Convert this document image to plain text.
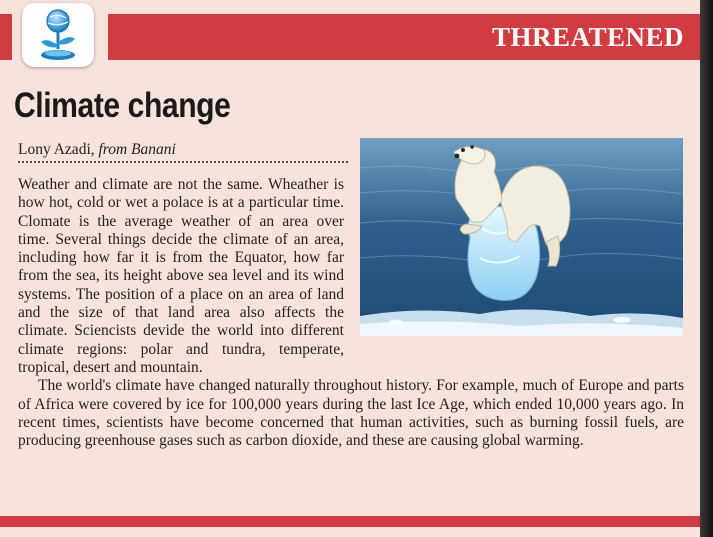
THREATENED
Climate change
Lony Azadi, from Banani

Weather and climate are not the same. Wheather is how hot, cold or wet a polace is at a particular time. Clomate is the average weather of an area over time. Several things decide the climate of an area, including how far it is from the Equator, how far from the sea, its height above sea level and its wind systems. The position of a place on an area of land and the size of that land area also affects the climate. Sciencists devide the world into different climate regions: polar and tundra, temperate, tropical, desert and mountain.

The world's climate have changed naturally throughout history. For example, much of Europe and parts of Africa were covered by ice for 100,000 years during the last Ice Age, which ended 10,000 years ago. In recent times, scientists have become concerned that human activities, such as burning fossil fuels, are producing greenhouse gases such as carbon dioxide, and these are causing global warming.
